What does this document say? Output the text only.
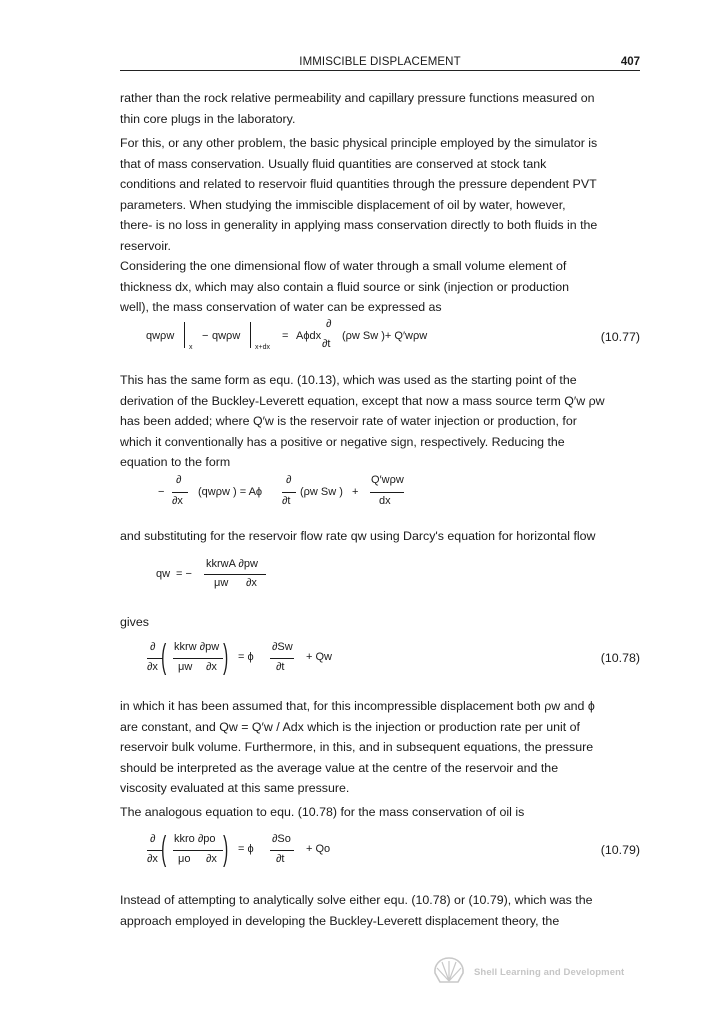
IMMISCIBLE DISPLACEMENT	407
rather than the rock relative permeability and capillary pressure functions measured on
thin core plugs in the laboratory.
For this, or any other problem, the basic physical principle employed by the simulator is
that of mass conservation. Usually fluid quantities are conserved at stock tank
conditions and related to reservoir fluid quantities through the pressure dependent PVT
parameters. When studying the immiscible displacement of oil by water, however,
there- is no loss in generality in applying mass conservation directly to both fluids in the
reservoir.
Considering the one dimensional flow of water through a small volume element of
thickness dx, which may also contain a fluid source or sink (injection or production
well), the mass conservation of water can be expressed as
qwρw
x
− qwρw
x+dx
= Aϕdx
∂
∂t
(ρw Sw )+ Q′wρw	(10.77)
This has the same form as equ. (10.13), which was used as the starting point of the
derivation of the Buckley-Leverett equation, except that now a mass source term Q′w ρw
has been added; where Q′w is the reservoir rate of water injection or production, for
which it conventionally has a positive or negative sign, respectively. Reducing the
equation to the form
−
∂
∂x
(qwρw ) = Aϕ
∂
∂t
(ρw Sw ) +
Q′wρw
dx
and substituting for the reservoir flow rate qw using Darcy's equation for horizontal flow
qw = −
kkrwA ∂pw
μw ∂x
gives
∂
∂x ( kkrw ∂pw
μw ∂x ) = ϕ
∂Sw
∂t
+ Qw	(10.78)
in which it has been assumed that, for this incompressible displacement both ρw and ϕ
are constant, and Qw = Q′w / Adx which is the injection or production rate per unit of
reservoir bulk volume. Furthermore, in this, and in subsequent equations, the pressure
should be interpreted as the average value at the centre of the reservoir and the
viscosity evaluated at this same pressure.
The analogous equation to equ. (10.78) for the mass conservation of oil is
∂
∂x ( kkro ∂po
μo ∂x ) = ϕ
∂So
∂t
+ Qo	(10.79)
Instead of attempting to analytically solve either equ. (10.78) or (10.79), which was the
approach employed in developing the Buckley-Leverett displacement theory, the
Shell Learning and Development
